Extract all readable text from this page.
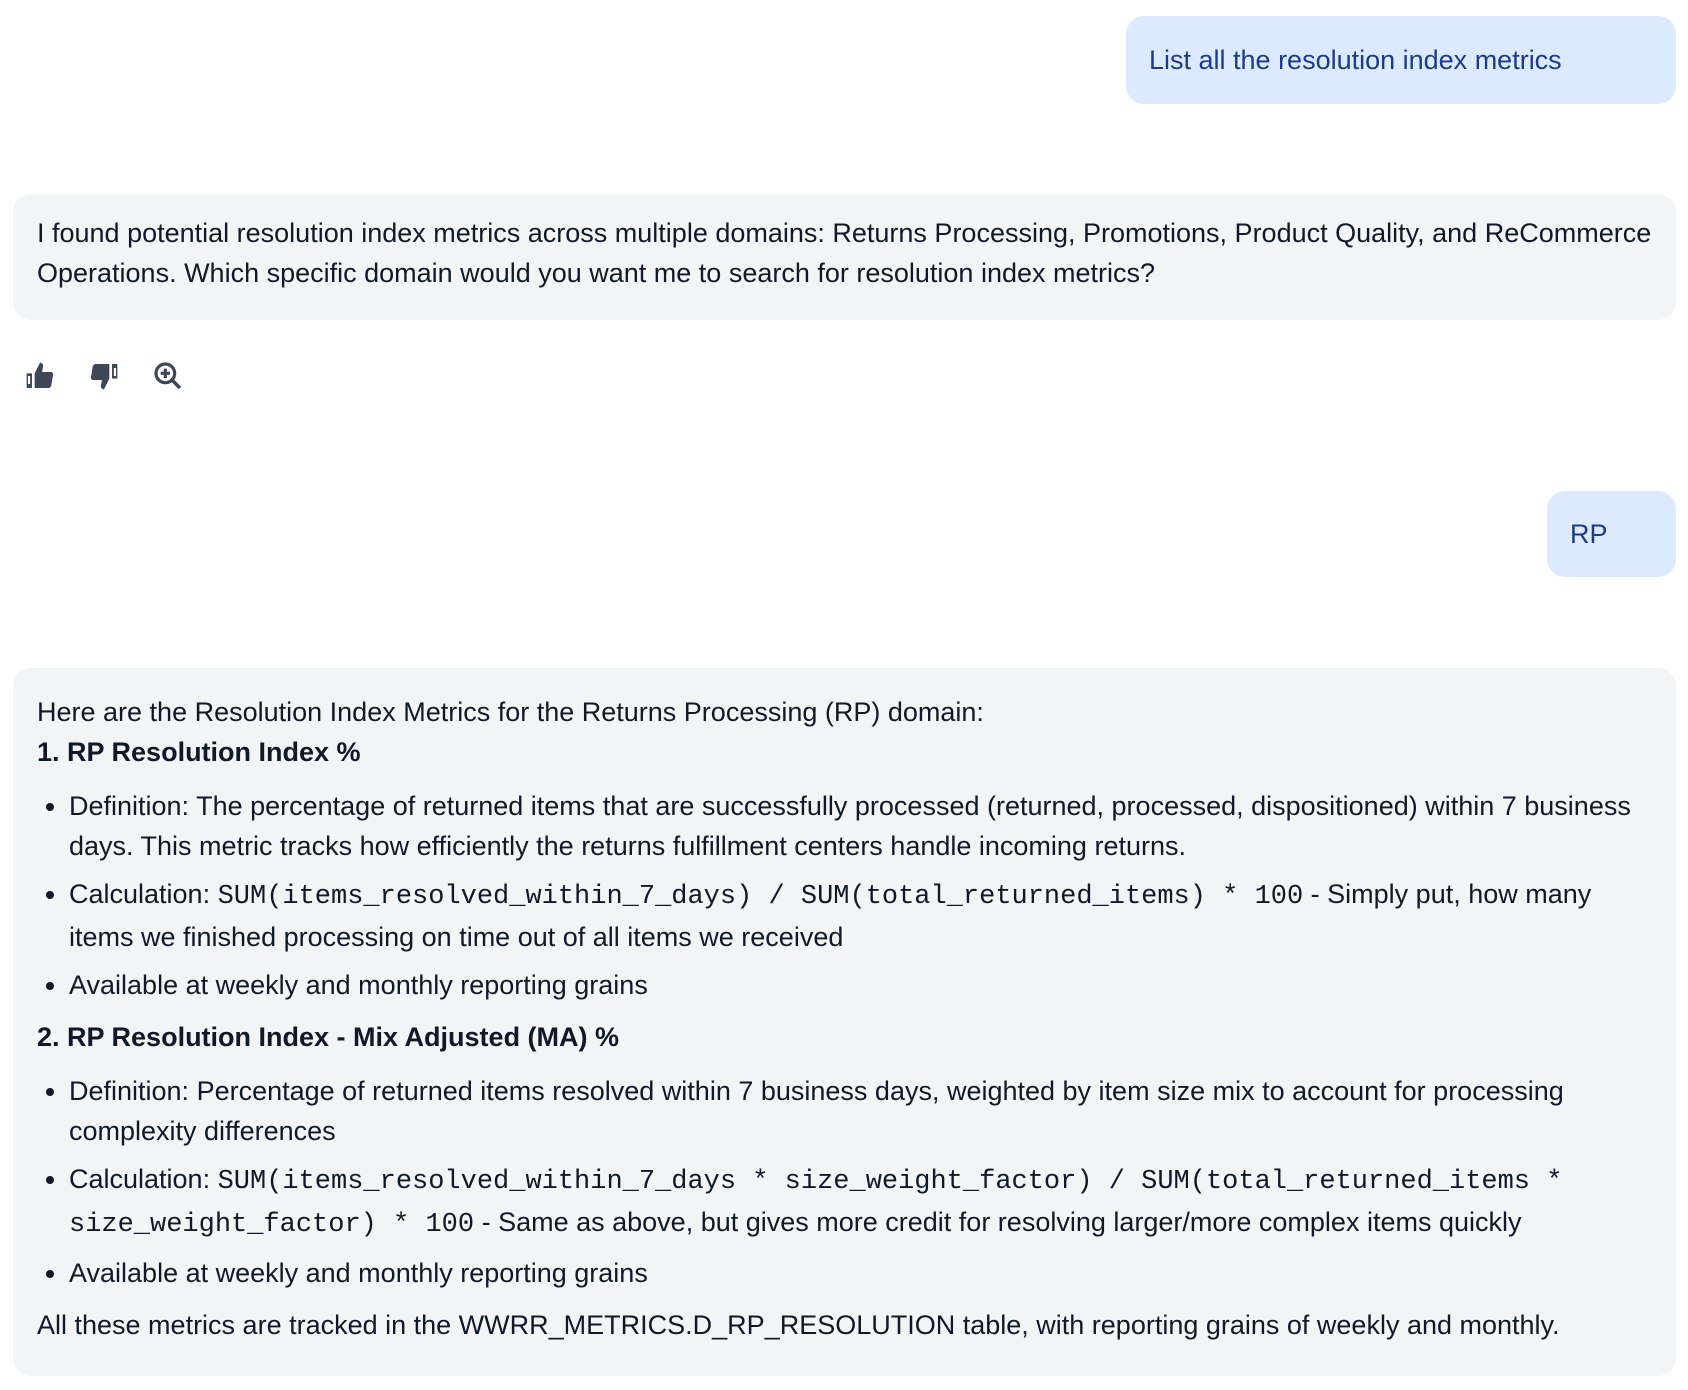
List all the resolution index metrics

I found potential resolution index metrics across multiple domains: Returns Processing, Promotions, Product Quality, and ReCommerce Operations. Which specific domain would you want me to search for resolution index metrics?

RP

Here are the Resolution Index Metrics for the Returns Processing (RP) domain:

1. RP Resolution Index %
• Definition: The percentage of returned items that are successfully processed (returned, processed, dispositioned) within 7 business days. This metric tracks how efficiently the returns fulfillment centers handle incoming returns.
• Calculation: SUM(items_resolved_within_7_days) / SUM(total_returned_items) * 100 - Simply put, how many items we finished processing on time out of all items we received
• Available at weekly and monthly reporting grains
2. RP Resolution Index - Mix Adjusted (MA) %
• Definition: Percentage of returned items resolved within 7 business days, weighted by item size mix to account for processing complexity differences
• Calculation: SUM(items_resolved_within_7_days * size_weight_factor) / SUM(total_returned_items * size_weight_factor) * 100 - Same as above, but gives more credit for resolving larger/more complex items quickly
• Available at weekly and monthly reporting grains

All these metrics are tracked in the WWRR_METRICS.D_RP_RESOLUTION table, with reporting grains of weekly and monthly.
